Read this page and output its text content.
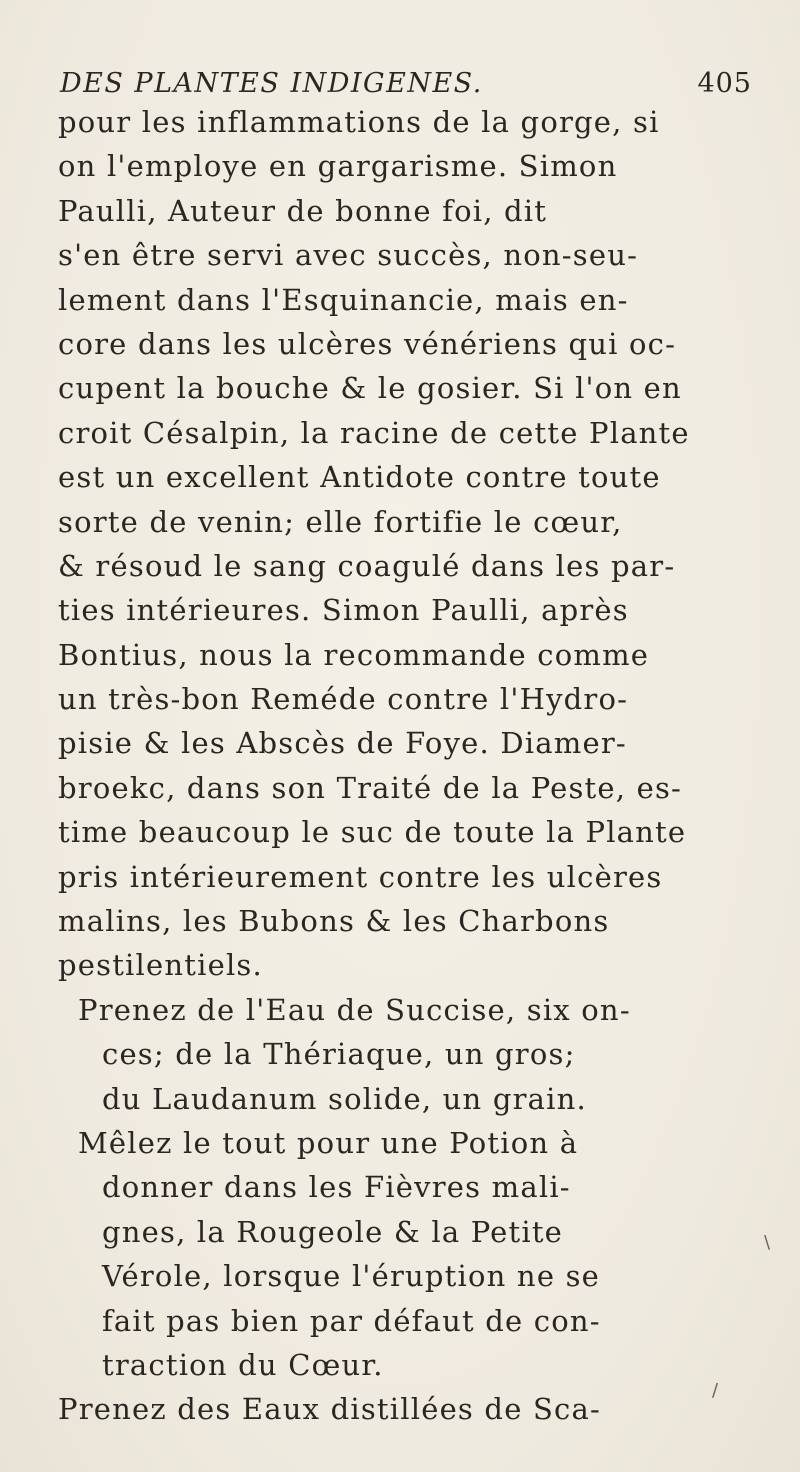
DES PLANTES INDIGENES.	405
pour les inflammations de la gorge, si
on l'employe en gargarisme. Simon
Paulli, Auteur de bonne foi, dit
s'en être servi avec succès, non-seu-
lement dans l'Esquinancie, mais en-
core dans les ulcères vénériens qui oc-
cupent la bouche & le gosier. Si l'on en
croit Césalpin, la racine de cette Plante
est un excellent Antidote contre toute
sorte de venin; elle fortifie le cœur,
& résoud le sang coagulé dans les par-
ties intérieures. Simon Paulli, après
Bontius, nous la recommande comme
un très-bon Reméde contre l'Hydro-
pisie & les Abscès de Foye. Diamer-
broekc, dans son Traité de la Peste, es-
time beaucoup le suc de toute la Plante
pris intérieurement contre les ulcères
malins, les Bubons & les Charbons
pestilentiels.
Prenez de l'Eau de Succise, six on-
ces; de la Thériaque, un gros;
du Laudanum solide, un grain.
Mêlez le tout pour une Potion à
donner dans les Fièvres mali-
gnes, la Rougeole & la Petite
Vérole, lorsque l'éruption ne se
fait pas bien par défaut de con-
traction du Cœur.
Prenez des Eaux distillées de Sca-
\
/
